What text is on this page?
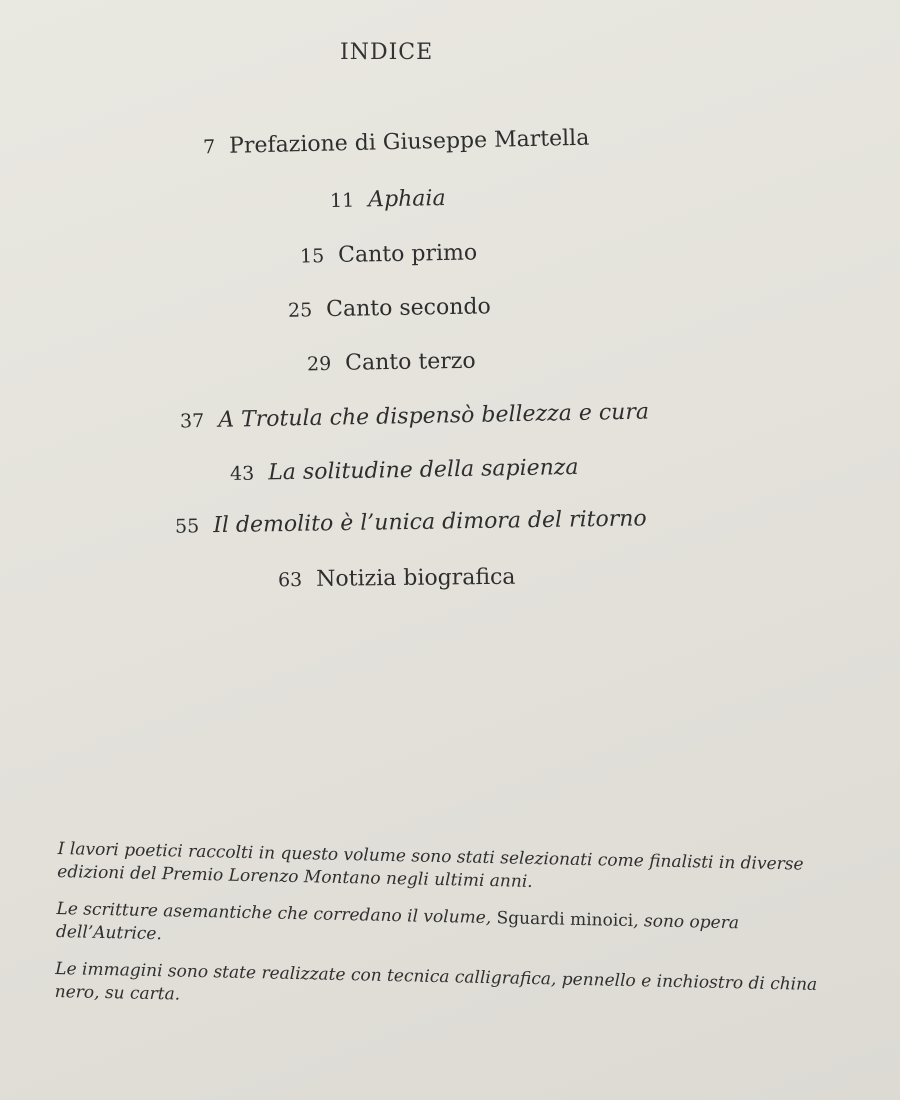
INDICE
7 Prefazione di Giuseppe Martella
11 Aphaia
15 Canto primo
25 Canto secondo
29 Canto terzo
37 A Trotula che dispensò bellezza e cura
43 La solitudine della sapienza
55 Il demolito è l’unica dimora del ritorno
63 Notizia biografica

I lavori poetici raccolti in questo volume sono stati selezionati come finalisti in diverse edizioni del Premio Lorenzo Montano negli ultimi anni.

Le scritture asemantiche che corredano il volume, Sguardi minoici, sono opera dell’Autrice.

Le immagini sono state realizzate con tecnica calligrafica, pennello e inchiostro di china nero, su carta.
